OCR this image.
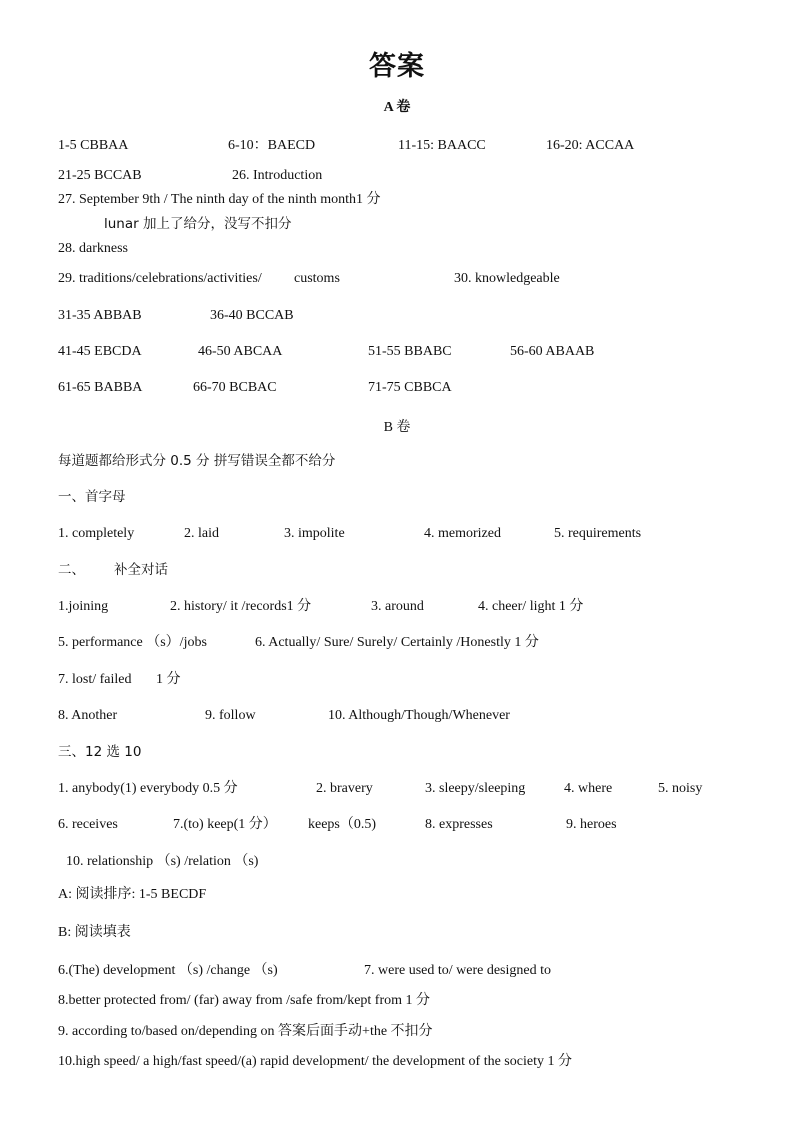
答案
A 卷
1-5 CBBAA	6-10：BAECD	11-15: BAACC	16-20: ACCAA
21-25 BCCAB	26. Introduction
27. September 9th / The ninth day of the ninth month1 分
lunar 加上了给分，没写不扣分
28. darkness
29. traditions/celebrations/activities/ customs	30. knowledgeable
31-35 ABBAB	36-40 BCCAB
41-45 EBCDA	46-50 ABCAA	51-55 BBABC	56-60 ABAAB
61-65 BABBA	66-70 BCBAC	71-75 CBBCA
B 卷
每道题都给形式分 0.5 分 拼写错误全都不给分
一、首字母
1. completely	2. laid	3. impolite	4. memorized	5. requirements
二、 补全对话
1.joining	2. history/ it /records1 分	3. around	4. cheer/ light 1 分
5. performance （s）/jobs	6. Actually/ Sure/ Surely/ Certainly /Honestly 1 分
7. lost/ failed 1 分
8. Another	9. follow	10. Although/Though/Whenever
三、12 选 10
1. anybody(1) everybody 0.5 分	2. bravery	3. sleepy/sleeping	4. where	5. noisy
6. receives	7.(to) keep(1 分） keeps（0.5)	8. expresses	9. heroes
10. relationship （s) /relation （s)
A: 阅读排序: 1-5 BECDF
B: 阅读填表
6.(The) development （s) /change （s)	7. were used to/ were designed to
8.better protected from/ (far) away from /safe from/kept from 1 分
9. according to/based on/depending on 答案后面手动+the 不扣分
10.high speed/ a high/fast speed/(a) rapid development/ the development of the society 1 分
